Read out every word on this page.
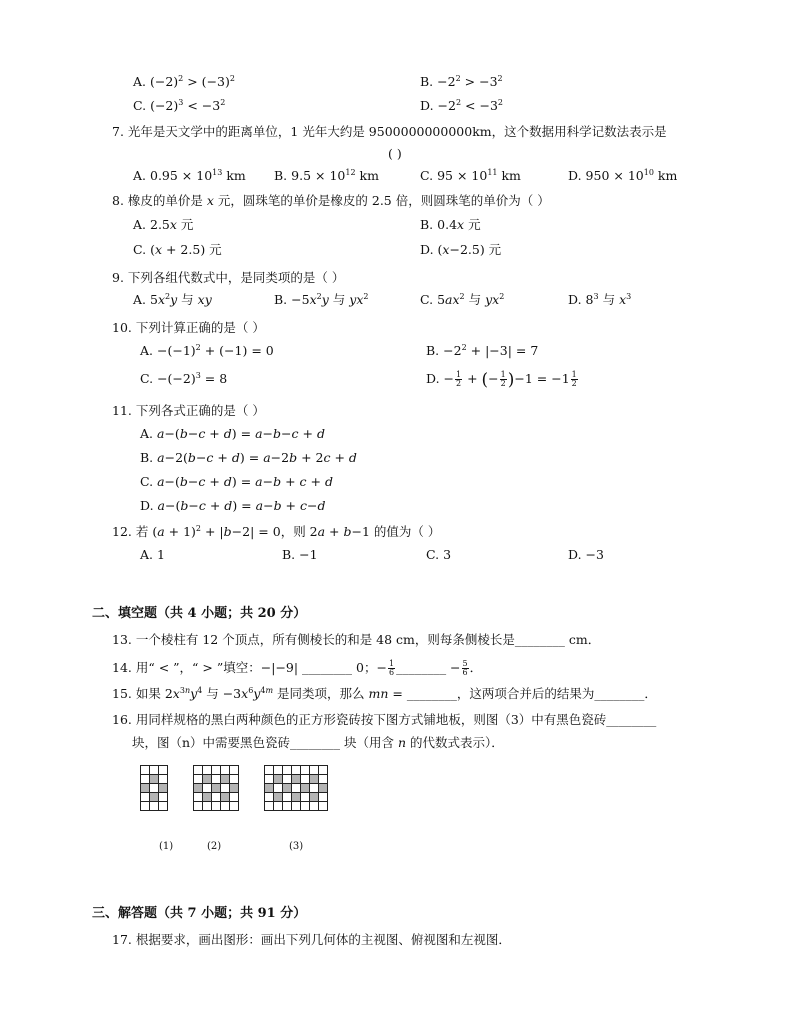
A. $(-2)^2 > (-3)^2$	B. $-2^2 > -3^2$
C. $(-2)^3 < -3^2$	D. $-2^2 < -3^2$
7. 光年是天文学中的距离单位，1 光年大约是 9500000000000km，这个数据用科学记数法表示是
( )
A. $0.95 \times 10^{13}$ km B. $9.5 \times 10^{12}$ km	C. $95 \times 10^{11}$ km	D. $950 \times 10^{10}$ km
8. 橡皮的单价是 x 元，圆珠笔的单价是橡皮的 2.5 倍，则圆珠笔的单价为（ ）
A. 2.5x 元	B. 0.4x 元
C. (x + 2.5) 元	D. (x−2.5) 元
9. 下列各组代数式中，是同类项的是（ ）
A. $5x^2y$ 与 xy	B. $-5x^2y$ 与 $yx^2$	C. $5ax^2$ 与 $yx^2$	D. $8^3$ 与 $x^3$
10. 下列计算正确的是（ ）
A. $-(-1)^2 + (-1) = 0$	B. $-2^2 + |-3| = 7$
C. $-(-2)^3 = 8$	D. − $\frac{1}{2}$ + (− $\frac{1}{2} )-1 = -1 \frac{1}{2}$
11. 下列各式正确的是（ ）
A. a−(b−c + d) = a−b−c + d
B. a−2(b−c + d) = a−2b + 2c + d
C. a−(b−c + d) = a−b + c + d
D. a−(b−c + d) = a−b + c−d
12. 若 $(a + 1)^2 + |b-2| = 0$，则 2a + b−1 的值为（ ）
A. 1	B. −1	C. 3	D. −3
二、填空题（共 4 小题；共 20 分）
13. 一个棱柱有 12 个顶点，所有侧棱长的和是 48 cm，则每条侧棱长是________ cm．
14. 用“ < ”，“ > ”填空：−|−9| ________ 0；− $\frac{1}{6}$ ________ − $\frac{5}{6}$ ．
15. 如果 $2x^{3n}y^4$ 与 $-3x^6y^{4m}$ 是同类项，那么 mn = ________，这两项合并后的结果为________．
16. 用同样规格的黑白两种颜色的正方形瓷砖按下图方式铺地板，则图（3）中有黑色瓷砖________
块，图（n）中需要黑色瓷砖________ 块（用含 n 的代数式表示）．

(1)	(2)	(3)
三、解答题（共 7 小题；共 91 分）
17. 根据要求，画出图形：画出下列几何体的主视图、俯视图和左视图．
